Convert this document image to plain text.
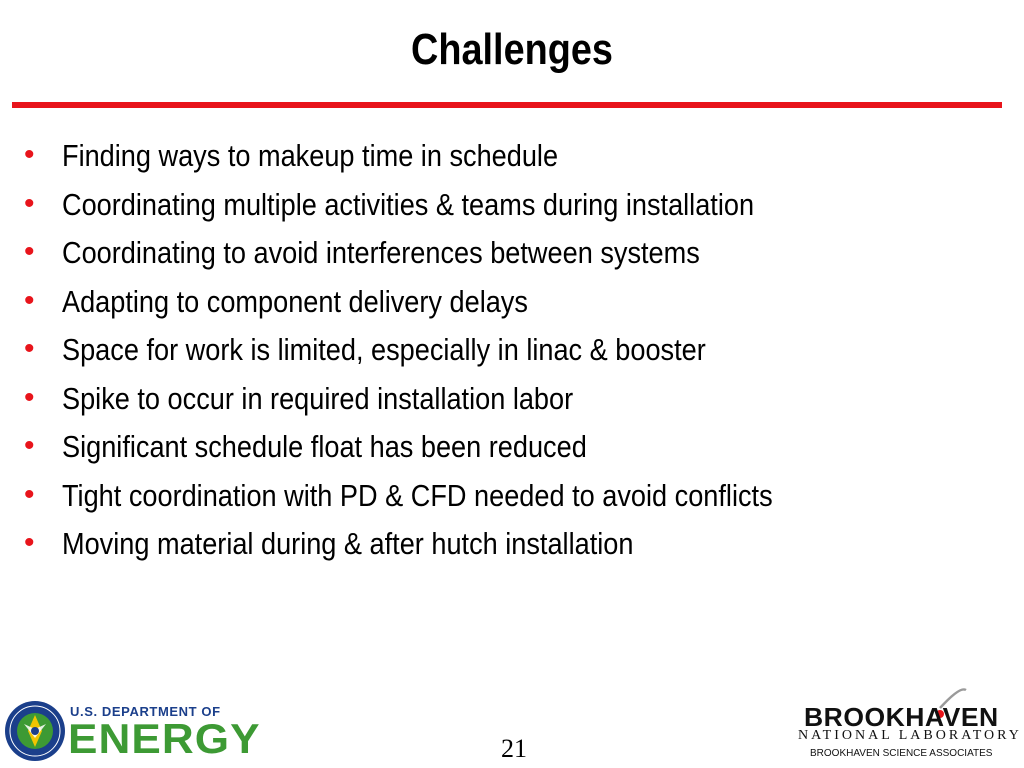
Challenges
• Finding ways to makeup time in schedule
• Coordinating multiple activities & teams during installation
• Coordinating to avoid interferences between systems
• Adapting to component delivery delays
• Space for work is limited, especially in linac & booster
• Spike to occur in required installation labor
• Significant schedule float has been reduced
• Tight coordination with PD & CFD needed to avoid conflicts
• Moving material during & after hutch installation
U.S. DEPARTMENT OF
ENERGY	21
BROOKHAVEN
NATIONAL LABORATORY
BROOKHAVEN SCIENCE ASSOCIATES
